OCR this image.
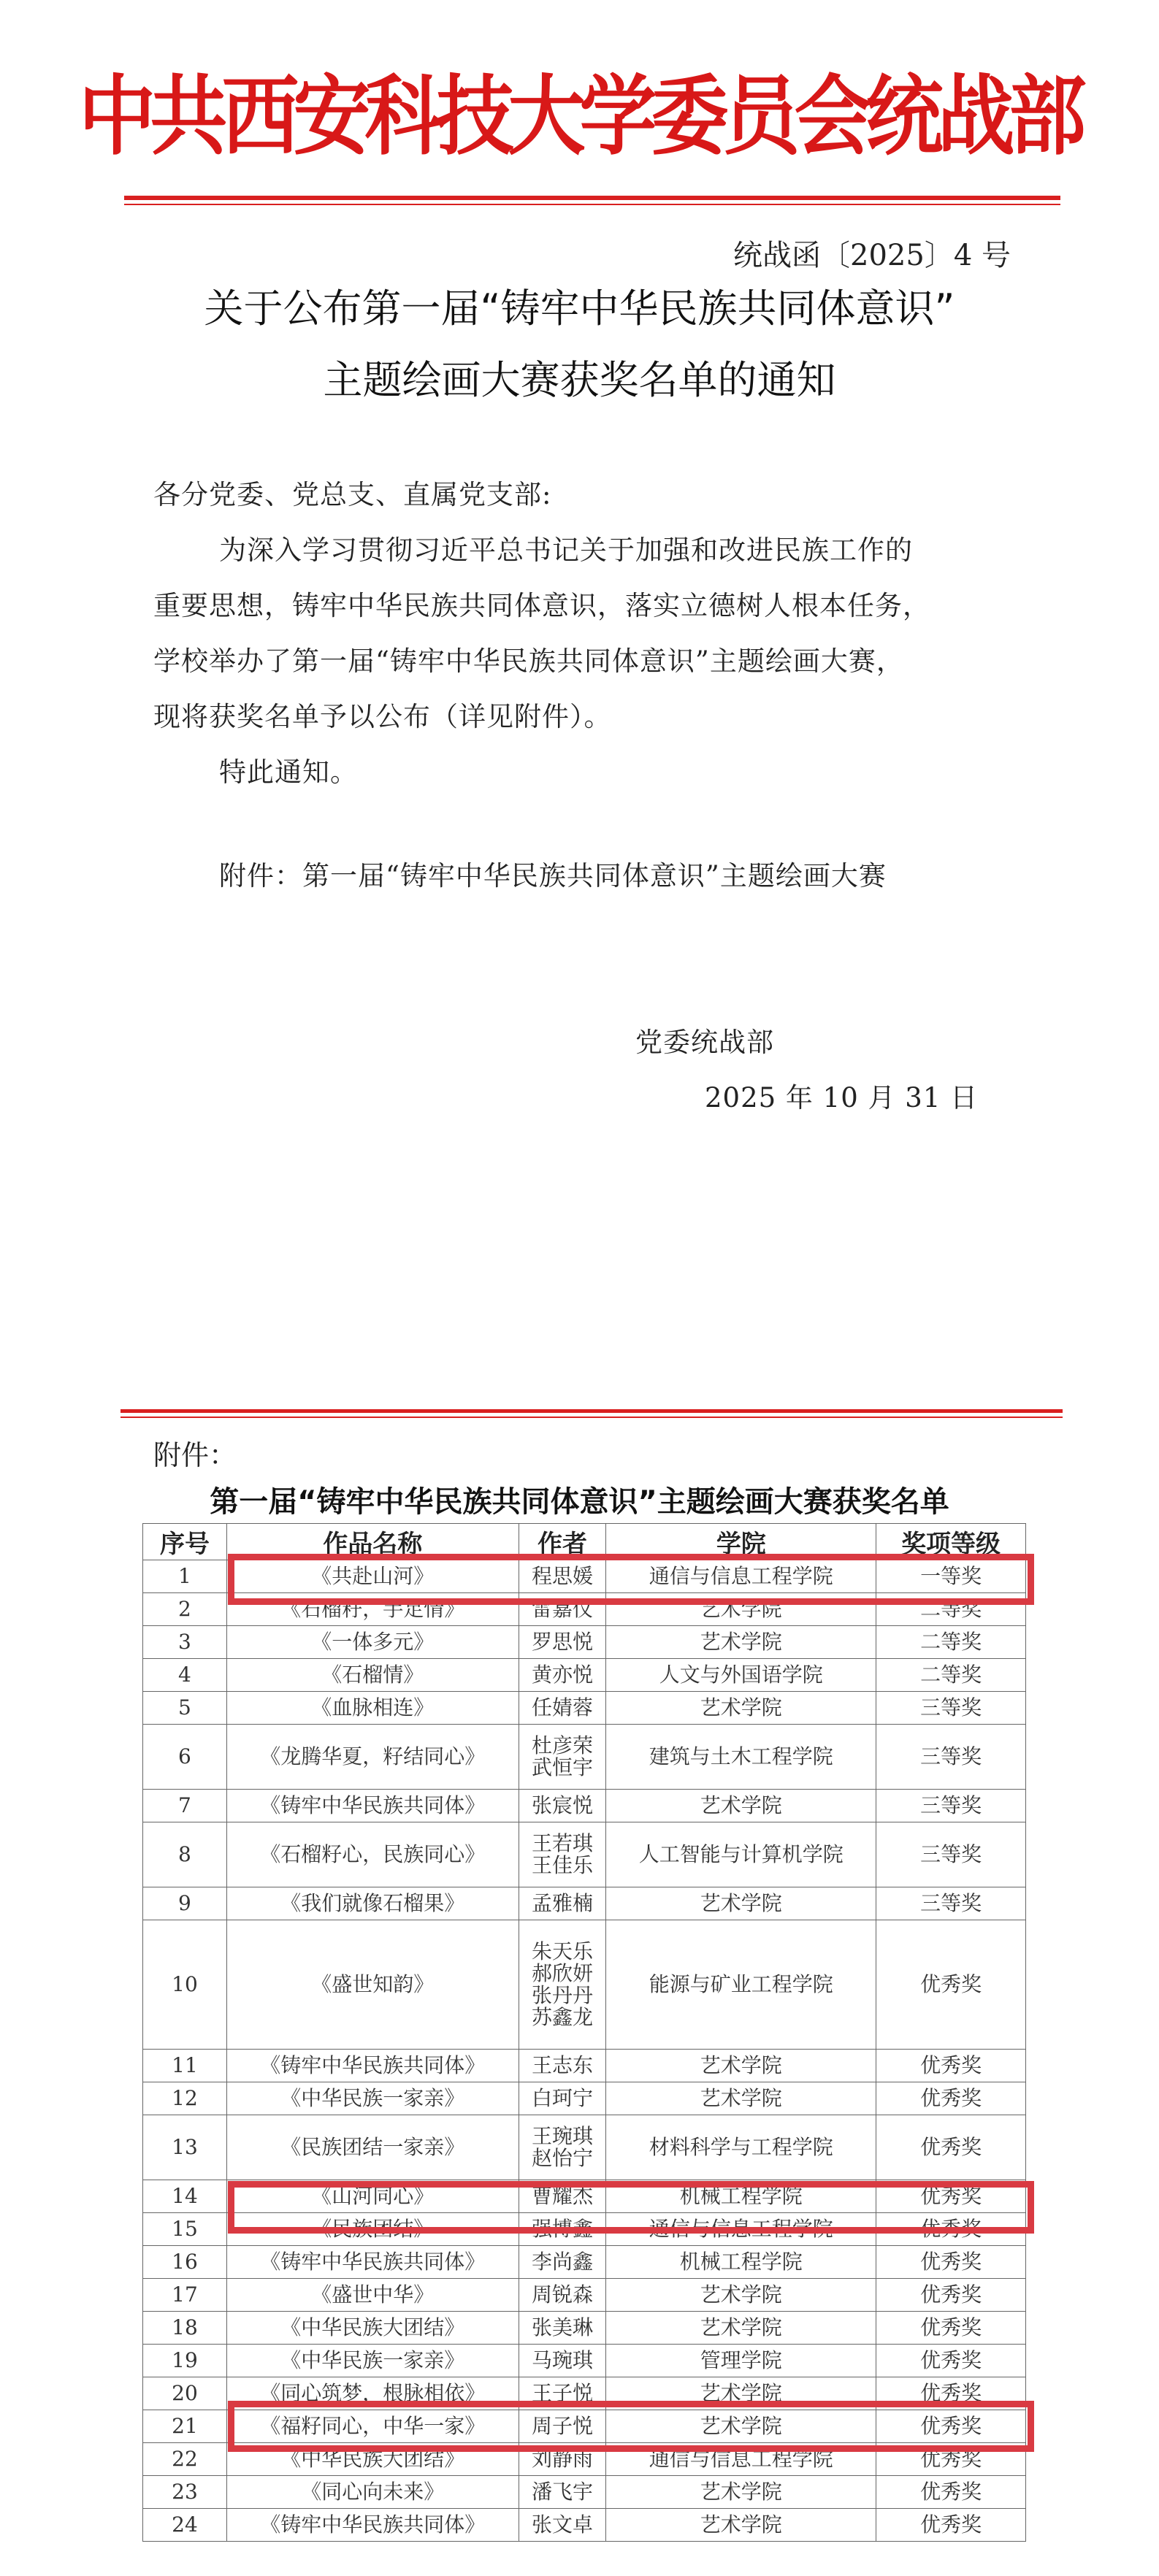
中共西安科技大学委员会统战部
统战函〔2025〕4 号
关于公布第一届“铸牢中华民族共同体意识”
主题绘画大赛获奖名单的通知
各分党委、党总支、直属党支部:
为深入学习贯彻习近平总书记关于加强和改进民族工作的
重要思想，铸牢中华民族共同体意识，落实立德树人根本任务，
学校举办了第一届“铸牢中华民族共同体意识”主题绘画大赛，
现将获奖名单予以公布（详见附件）。
特此通知。
附件：第一届“铸牢中华民族共同体意识”主题绘画大赛
党委统战部
2025 年 10 月 31 日
附件：
第一届“铸牢中华民族共同体意识”主题绘画大赛获奖名单
序号	作品名称	作者	学院	奖项等级
1	《共赴山河》	程思媛	通信与信息工程学院	一等奖
2	《石榴籽，手足情》	雷嘉仪	艺术学院	二等奖
3	《一体多元》	罗思悦	艺术学院	二等奖
4	《石榴情》	黄亦悦	人文与外国语学院	二等奖
5	《血脉相连》	任婧蓉	艺术学院	三等奖
6	《龙腾华夏，籽结同心》	杜彦荣
武恒宇	建筑与土木工程学院	三等奖
7	《铸牢中华民族共同体》	张宸悦	艺术学院	三等奖
8	《石榴籽心，民族同心》	王若琪
王佳乐	人工智能与计算机学院	三等奖
9	《我们就像石榴果》	孟雅楠	艺术学院	三等奖
10	《盛世知韵》	朱天乐
郝欣妍
张丹丹
苏鑫龙	能源与矿业工程学院	优秀奖
11	《铸牢中华民族共同体》	王志东	艺术学院	优秀奖
12	《中华民族一家亲》	白珂宁	艺术学院	优秀奖
13	《民族团结一家亲》	王琬琪
赵怡宁	材料科学与工程学院	优秀奖
14	《山河同心》	曹耀杰	机械工程学院	优秀奖
15	《民族团结》	强博鑫	通信与信息工程学院	优秀奖
16	《铸牢中华民族共同体》	李尚鑫	机械工程学院	优秀奖
17	《盛世中华》	周锐森	艺术学院	优秀奖
18	《中华民族大团结》	张美琳	艺术学院	优秀奖
19	《中华民族一家亲》	马琬琪	管理学院	优秀奖
20	《同心筑梦，根脉相依》	王子悦	艺术学院	优秀奖
21	《福籽同心，中华一家》	周子悦	艺术学院	优秀奖
22	《中华民族大团结》	刘静雨	通信与信息工程学院	优秀奖
23	《同心向未来》	潘飞宇	艺术学院	优秀奖
24	《铸牢中华民族共同体》	张文卓	艺术学院	优秀奖
